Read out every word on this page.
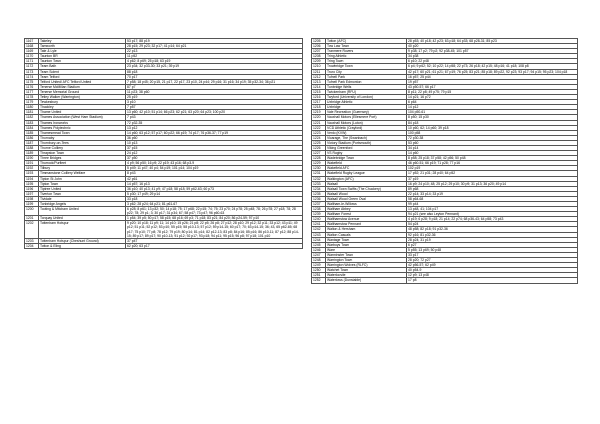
1167	Takeley	53 p17; 88 p19
1168	Tamworth	28 p15; 29 p23; 32 p17; 41 p14; 64 p21
1169	Tate & Lyle	22 p13
1170	Taunton BR	11 p52
1171	Taunton Town	4 p62; 8 p69; 25 p18; 63 p19
1172	Team Bath	23 p34; 32 p33-30; 33 p21; 39 p19
1173	Team Solent	88 p18
1174	Team Telford	70 p17
1175	Telford United/ AFC Telford United	7 p58; 18 p45; 20 p15, 21 p17, 22 p17, 23 p10, 24 p44; 29 p16; 31 p16; 34 p19; 35 p32-34; 36 p21
1176	Tenerse McMillan Stadium	87 p7
1177	Tenerse Memorial Ground	11 p23; 38 p60
1178	Tetley Walker (Warrington)	25 p19
1179	Tewkesbury	3 p10
1180	Thackley	7 p57
1181	Thame United	13 p60; 42 p10; 51 p14; 66 p23; 62 p21; 63 p20; 64 p23; 100 p20
1182	Thames Association (West Ham Stadium)	7 p43
1183	Thames Ironworks	72 p32-35
1184	Thames Polytechnic	13 p12
1185	Thamesmead Town	14 p60; 63 p12; 57 p17; 60 p22; 66 p19; 74 p17; 76 p36-37; 77 p19
1186	Thornaby	36 p60
1187	Thornbury-on-Tees	10 p13
1188	Thorne Colliery	37 p15
1189	Thrapston Town	24 p12
1190	Three Bridges	37 p50
1191	Thurrock/Purfleet	4 p9; 56 p50; 16 p9; 22 p19; 43 p16; 68 p3-9
1192	Tilbury	5 p49; 11 p47; 40 p4; 54 p19; 101 p14; 104 p19
1193	Timmanstone Colliery Welfare	8 p43
1194	Tipton St John	42 p61
1195	Tipton Town	14 p57; 16 p13
1196	Tiptree United	36 p10; 40 p13; 41 p9; 47 p18; 58 p18; 59 p62-63; 60 p73
1197	Tiverton Town	5 p30; 17 p49; 29 p14
1198	Tividale	33 p18
1199	Tonbridge Angels	3 p62; 28 p24; 64 p21; 81 p61-67
1200	Tooting & Mitcham United	6 p28; 8 p61; 13 p32; 50; 14 p18; 75; 17 p68; 22 p15; 74; 75; 23 p70; 24 p78; 25 p48; 78; 26 p78; 27 p18; 78; 28 p22; 78; 29 p1; 3; 30 p17; 31 p34; 67; 58 p47; 73 p47; 96 p60-63
1201	Torquay United	1 p54; 39 p5; 50 p17; 58 p15; 68 p16; 69 p3; 71 p18; 83 p21; 84 p20; 86 p24-59; 97 p10
1202	Tottenham Hotspur	9 p20; 10 p18; 11 p9; 11; 14 p10; 15 p26; 21 p8; 22 p5; 26 p8; 27 p12; 28 p10; 29 p12; 32 p11; 33 p12; 43 p11; 49 p12; 51 p11; 52 p12; 53 p10; 55 p15; 58 p10-13; 57 p12; 59 p14-15; 60 p17; 70; 63 p14-15; 36; 43, 65 p62-65; 68 p17; 75 p10; 77 p8; 78 p12; 79 p19; 80 p14; 81 p14; 82 p12-13; 83 p8; 84 p16; 85 p16; 86 p10-11; 87 p12; 88 p14-15; 89 p17; 89 p17; 90 p10-13; 91 p12; 92 p17; 93 p18; 94 p11; 95 p15; 96 p8; 97 p18; 101 p10
1203	Tottenham Hotspur (Cheshunt Ground)	37 p47
1204	Totton & Eling	62 p20; 63 p17
1205	Totton (AFC)	28 p53; 40 p18; 42 p23; 63 p18; 64 p33; 68 p28-31; 85 p23
1206	Tow Law Town	40 p20
1207	Tranmere Rovers	9 p38; 17 p2; 79 p2; 92 p38-45; 101 p57
1208	Tring Athletic	34 p38
1209	Tring Town	6 p10; 22 p48
1210	Trowbridge Town	6 p4; 9 p62; 52; 10 p22; 14 p58; 22 p73; 26 p18; 42 p15; 48 p16; 41 p18; 108 p8
1211	Truro City	42 p17; 60 p21; 61 p21; 67 p19; 76 p25; 83 p21; 85 p18; 89 p22, 92 p23; 93 p17; 94 p15; 95 p23; 104 p18
1212	Tufnell Park	16 p57; 25 p44
1213	Tufnell Park Edmonton	19 p57
1214	Tunbridge Wells	43 p50-57; 66 p17
1215	Twickenham (RFU)	8 p11; 22 p8; 49 p75; 79 p15
1216	Twyford (University of London)	14 p21; 16 p72
1217	Uxbridge Athletic	6 p64
1218	Uxbridge	14 p12
1219	Vale Recreation (Guernsey)	104 p50-61
1220	Vauxhall Motors (Ellesmere Port)	8 p50; 15 p30
1221	Vauxhall Motors (Luton)	84 p18
1222	VCD Athletic (Crayford)	10 p60, 62; 14 p60; 39 p18
1223	Venlo (KVW)	100 p58
1224	Vicarage, The (Swanbach)	72 p30-38
1225	Victory Stadium (Portsmouth)	53 p60
1226	Viking Greenford	34 p14
1227	VS Rugby	14 p60
1228	Wadebridge Town	8 p58; 25 p18; 37 p58; 42 p56; 50 p48
1229	Wakefield	46 p60-51; 66 p19; 71 p28; 77 p16
1230	Wakefield AFC	102 p19
1231	Wakefield Rugby League	17 p52; 21 p31; 28 p40; 64 p52
1232	Walkington (AFC)	37 p19
1233	Walsall	16 p9; 24 p10; 48; 25 p12; 29 p10; 30 p9; 31 p13; 36 p20; 49 p14
1234	Walsall Town Swifts (The Chuckery)	89 p68
1235	Walsall Wood	22 p14; 33 p14; 33 p19
1236	Walsall Wood Green Oval	58 p64-68
1237	Waltham-le-Willows	99 p44
1238	Waltham Abbey	13 p48, 41; 104 p17
1239	Waltham Forest	94 p21 (see also Leyton Pennant)
1240	Walthamstow Avenue	4 p19; 6 p28; 9 p18; 21 p14; 22 p74; 68 p36-43; 64 p58; 73 p43
1241	Walthamstow Pennant	54 p24
1242	Walton & Hersham	48 p58; 82 p18; 91 p32-36
1243	Walton Casuals	92 p16; 81 p32-36
1244	Wantage Town	28 p24; 31 p19
1245	Warboys Town	6 p27
1246	Ware	5 p55; 13 p69; 50 p48
1247	Warminster Town	33 p17
1248	Warrington Town	28 p20; 72 p27
1249	Warrington Wolves (RLFC)	42 p56-57; 62 p49
1250	Watchet Town	40 p54-9
1251	Waterloovile	12 p9; 13 p48
1252	Waterlows (Dunstable)	17 p8
